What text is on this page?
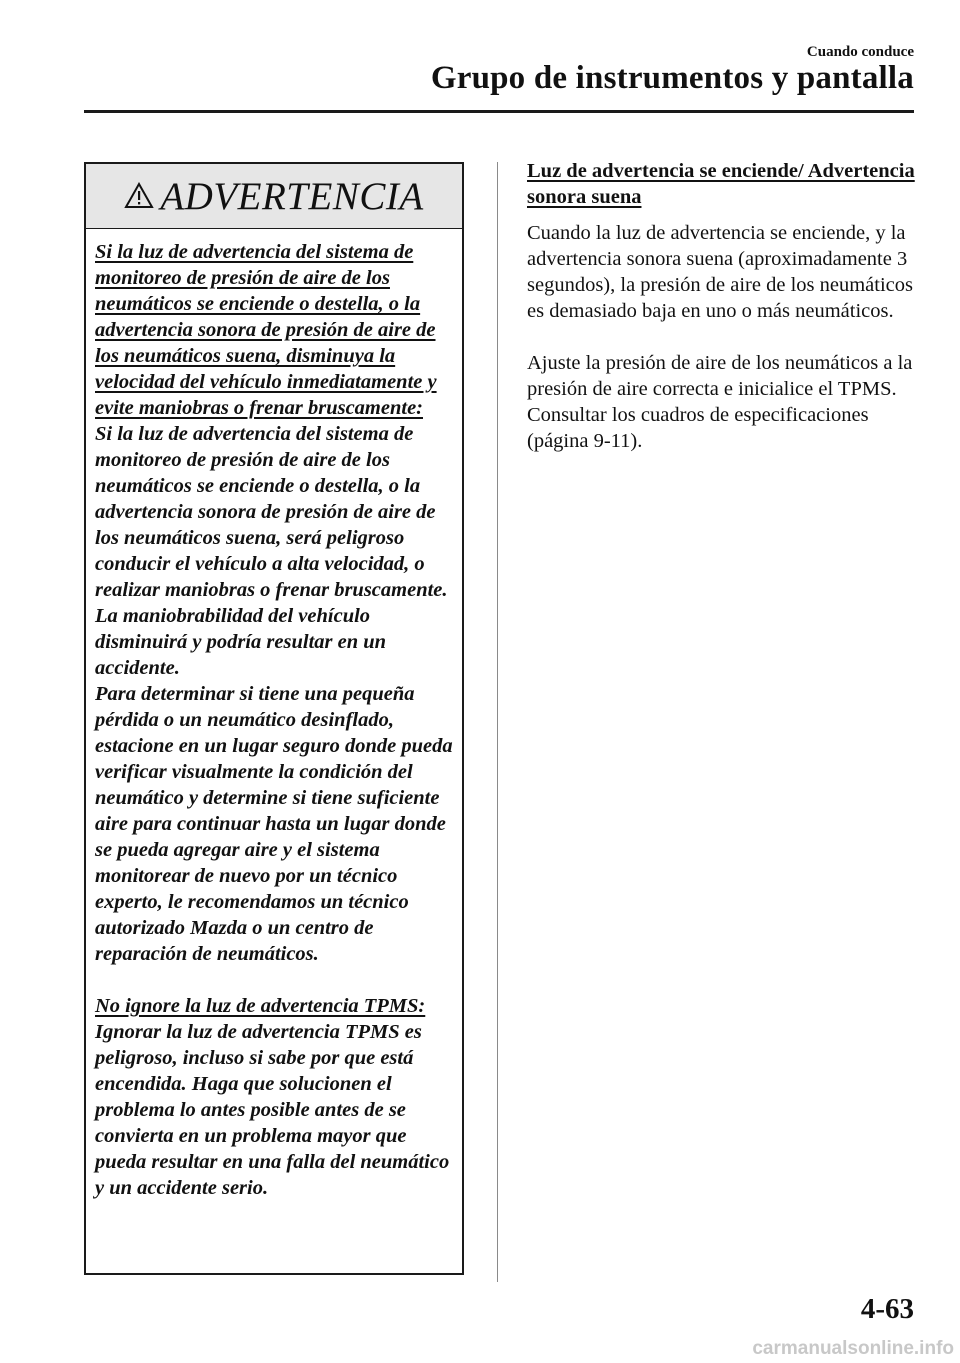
Cuando conduce
Grupo de instrumentos y pantalla
ADVERTENCIA

Si la luz de advertencia del sistema de monitoreo de presión de aire de los neumáticos se enciende o destella, o la advertencia sonora de presión de aire de los neumáticos suena, disminuya la velocidad del vehículo inmediatamente y evite maniobras o frenar bruscamente:

Si la luz de advertencia del sistema de monitoreo de presión de aire de los neumáticos se enciende o destella, o la advertencia sonora de presión de aire de los neumáticos suena, será peligroso conducir el vehículo a alta velocidad, o realizar maniobras o frenar bruscamente. La maniobrabilidad del vehículo disminuirá y podría resultar en un accidente.

Para determinar si tiene una pequeña pérdida o un neumático desinflado, estacione en un lugar seguro donde pueda verificar visualmente la condición del neumático y determine si tiene suficiente aire para continuar hasta un lugar donde se pueda agregar aire y el sistema monitorear de nuevo por un técnico experto, le recomendamos un técnico autorizado Mazda o un centro de reparación de neumáticos.

No ignore la luz de advertencia TPMS:

Ignorar la luz de advertencia TPMS es peligroso, incluso si sabe por que está encendida. Haga que solucionen el problema lo antes posible antes de se convierta en un problema mayor que pueda resultar en una falla del neumático y un accidente serio.

Luz de advertencia se enciende/ Advertencia sonora suena

Cuando la luz de advertencia se enciende, y la advertencia sonora suena (aproximadamente 3 segundos), la presión de aire de los neumáticos es demasiado baja en uno o más neumáticos.

Ajuste la presión de aire de los neumáticos a la presión de aire correcta e inicialice el TPMS. Consultar los cuadros de especificaciones (página 9-11).

4-63
carmanualsonline.info
